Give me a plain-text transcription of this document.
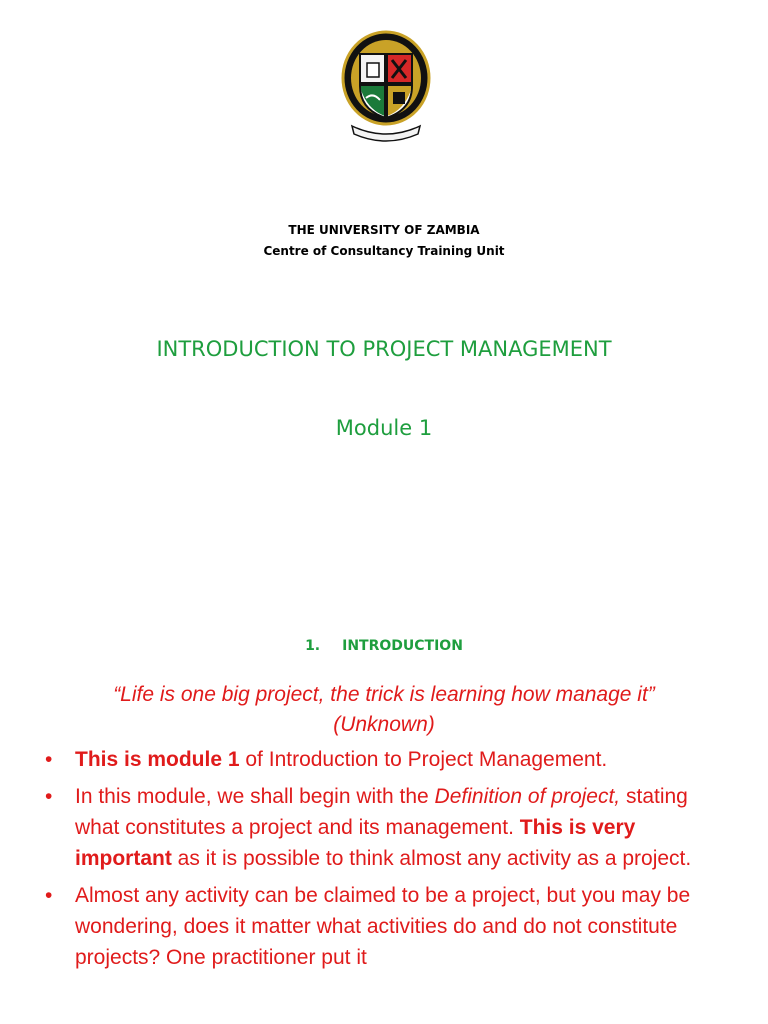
THE UNIVERSITY OF ZAMBIA
Centre of Consultancy Training Unit
INTRODUCTION TO PROJECT MANAGEMENT
Module 1
1. INTRODUCTION
“Life is one big project, the trick is learning how manage it”
(Unknown)
• This is module 1 of Introduction to Project Management.
• In this module, we shall begin with the Definition of project, stating what constitutes a project and its management. This is very important as it is possible to think almost any activity as a project.
• Almost any activity can be claimed to be a project, but you may be wondering, does it matter what activities do and do not constitute projects? One practitioner put it
